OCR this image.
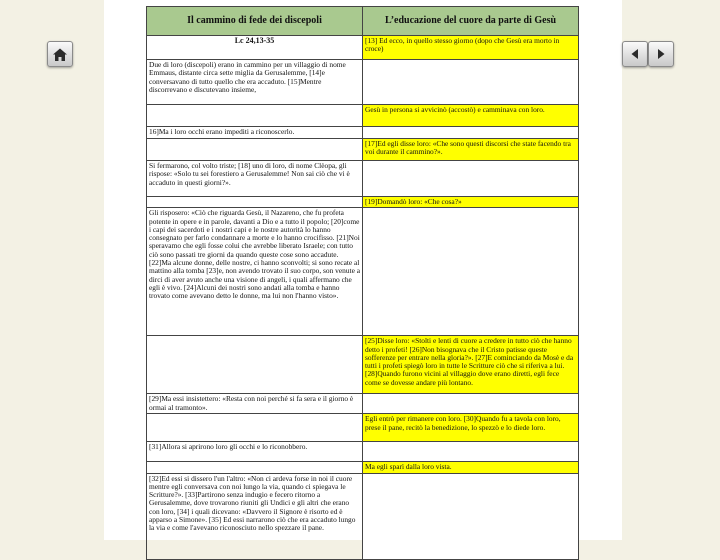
Il cammino di fede dei discepoli	L’educazione del cuore da parte di Gesù
Lc 24,13-35	[13] Ed ecco, in quello stesso giorno (dopo che Gesù era morto in croce)
Due di loro (discepoli) erano in cammino per un villaggio di nome Emmaus, distante circa sette miglia da Gerusalemme, [14]e conversavano di tutto quello che era accaduto. [15]Mentre discorrevano e discutevano insieme,	
	Gesù in persona si avvicinò (accostò) e camminava con loro.
16]Ma i loro occhi erano impediti a riconoscerlo.	
	[17]Ed egli disse loro: «Che sono questi discorsi che state facendo tra voi durante il cammino?».
Si fermarono, col volto triste; [18] uno di loro, di nome Clèopa, gli rispose: «Solo tu sei forestiero a Gerusalemme! Non sai ciò che vi è accaduto in questi giorni?».	
	[19]Domandò loro: «Che cosa?»
Gli risposero: «Ciò che riguarda Gesù, il Nazareno, che fu profeta potente in opere e in parole, davanti a Dio e a tutto il popolo; [20]come i capi dei sacerdoti e i nostri capi e le nostre autorità lo hanno consegnato per farlo condannare a morte e lo hanno crocifisso. [21]Noi speravamo che egli fosse colui che avrebbe liberato Israele; con tutto ciò sono passati tre giorni da quando queste cose sono accadute. [22]Ma alcune donne, delle nostre, ci hanno sconvolti; si sono recate al mattino alla tomba [23]e, non avendo trovato il suo corpo, son venute a dirci di aver avuto anche una visione di angeli, i quali affermano che egli è vivo. [24]Alcuni dei nostri sono andati alla tomba e hanno trovato come avevano detto le donne, ma lui non l'hanno visto».	
	[25]Disse loro: «Stolti e lenti di cuore a credere in tutto ciò che hanno detto i profeti! [26]Non bisognava che il Cristo patisse queste sofferenze per entrare nella gloria?». [27]E cominciando da Mosè e da tutti i profeti spiegò loro in tutte le Scritture ciò che si riferiva a lui. [28]Quando furono vicini al villaggio dove erano diretti, egli fece come se dovesse andare più lontano.
[29]Ma essi insistettero: «Resta con noi perché si fa sera e il giorno è ormai al tramonto».	
	Egli entrò per rimanere con loro. [30]Quando fu a tavola con loro, prese il pane, recitò la benedizione, lo spezzò e lo diede loro.
[31]Allora si aprirono loro gli occhi e lo riconobbero.	
	Ma egli sparì dalla loro vista.
[32]Ed essi si dissero l'un l'altro: «Non ci ardeva forse in noi il cuore mentre egli conversava con noi lungo la via, quando ci spiegava le Scritture?». [33]Partirono senza indugio e fecero ritorno a Gerusalemme, dove trovarono riuniti gli Undici e gli altri che erano con loro, [34] i quali dicevano: «Davvero il Signore è risorto ed è apparso a Simone». [35] Ed essi narrarono ciò che era accaduto lungo la via e come l'avevano riconosciuto nello spezzare il pane.	
